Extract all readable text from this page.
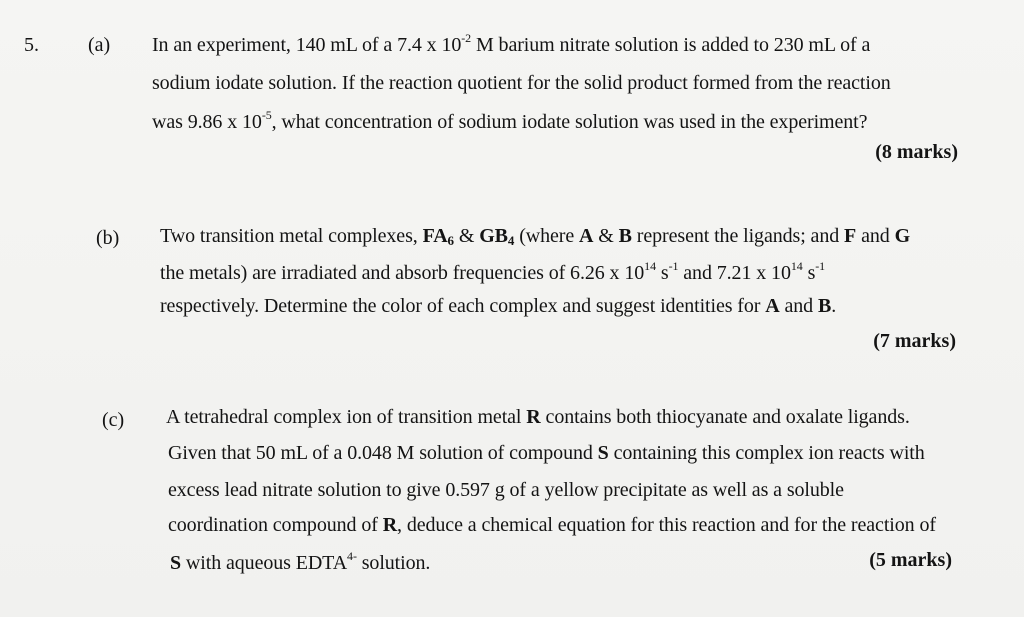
5. (a) In an experiment, 140 mL of a 7.4 x $10^{-2}$ M barium nitrate solution is added to 230 mL of a
sodium iodate solution. If the reaction quotient for the solid product formed from the reaction
was 9.86 x $10^{-5}$, what concentration of sodium iodate solution was used in the experiment?
(8 marks)
(b) Two transition metal complexes, $FA_6$ & $GB_4$ (where A & B represent the ligands; and F and G
the metals) are irradiated and absorb frequencies of 6.26 x $10^{14}$ $s^{-1}$ and 7.21 x $10^{14}$ $s^{-1}$
respectively. Determine the color of each complex and suggest identities for A and B.
(7 marks)
(c) A tetrahedral complex ion of transition metal R contains both thiocyanate and oxalate ligands.
Given that 50 mL of a 0.048 M solution of compound S containing this complex ion reacts with
excess lead nitrate solution to give 0.597 g of a yellow precipitate as well as a soluble
coordination compound of R, deduce a chemical equation for this reaction and for the reaction of
S with aqueous $EDTA^{4-}$ solution.	(5 marks)
